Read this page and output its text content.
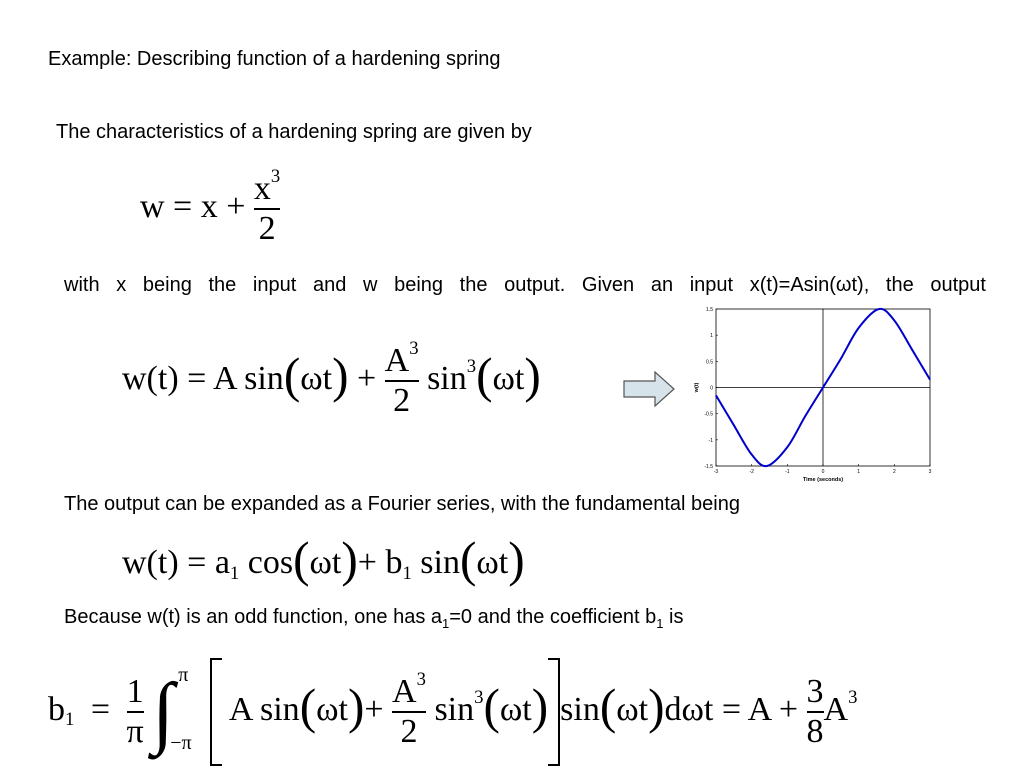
Example: Describing function of a hardening spring
The characteristics of a hardening spring are given by
$w = x + \frac{x^3}{2}$
with x being the input and w being the output. Given an input x(t)=Asin(ωt), the output
w(t) = A $\sin(\omega t) + \frac{A^3}{2} \sin^3(\omega t)$
-3	-2	-1	0	1	2	3
-1.5
-1
-0.5
0
0.5
1
1.5
Time (seconds)
w(t)
The output can be expanded as a Fourier series, with the fundamental being
w(t) = a1 cos(ωt)+ b1 sin(ωt)
Because w(t) is an odd function, one has $a_1=0$ and the coefficient $b_1$ is
$b1 = \frac{1}{\pi}$
∫ π
−π
A $\sin(\omega t)+ \frac{A^3}{2} \sin^3(\omega t) \sin(\omega t)d\omega t = A + \frac{3}{8} A^3$
